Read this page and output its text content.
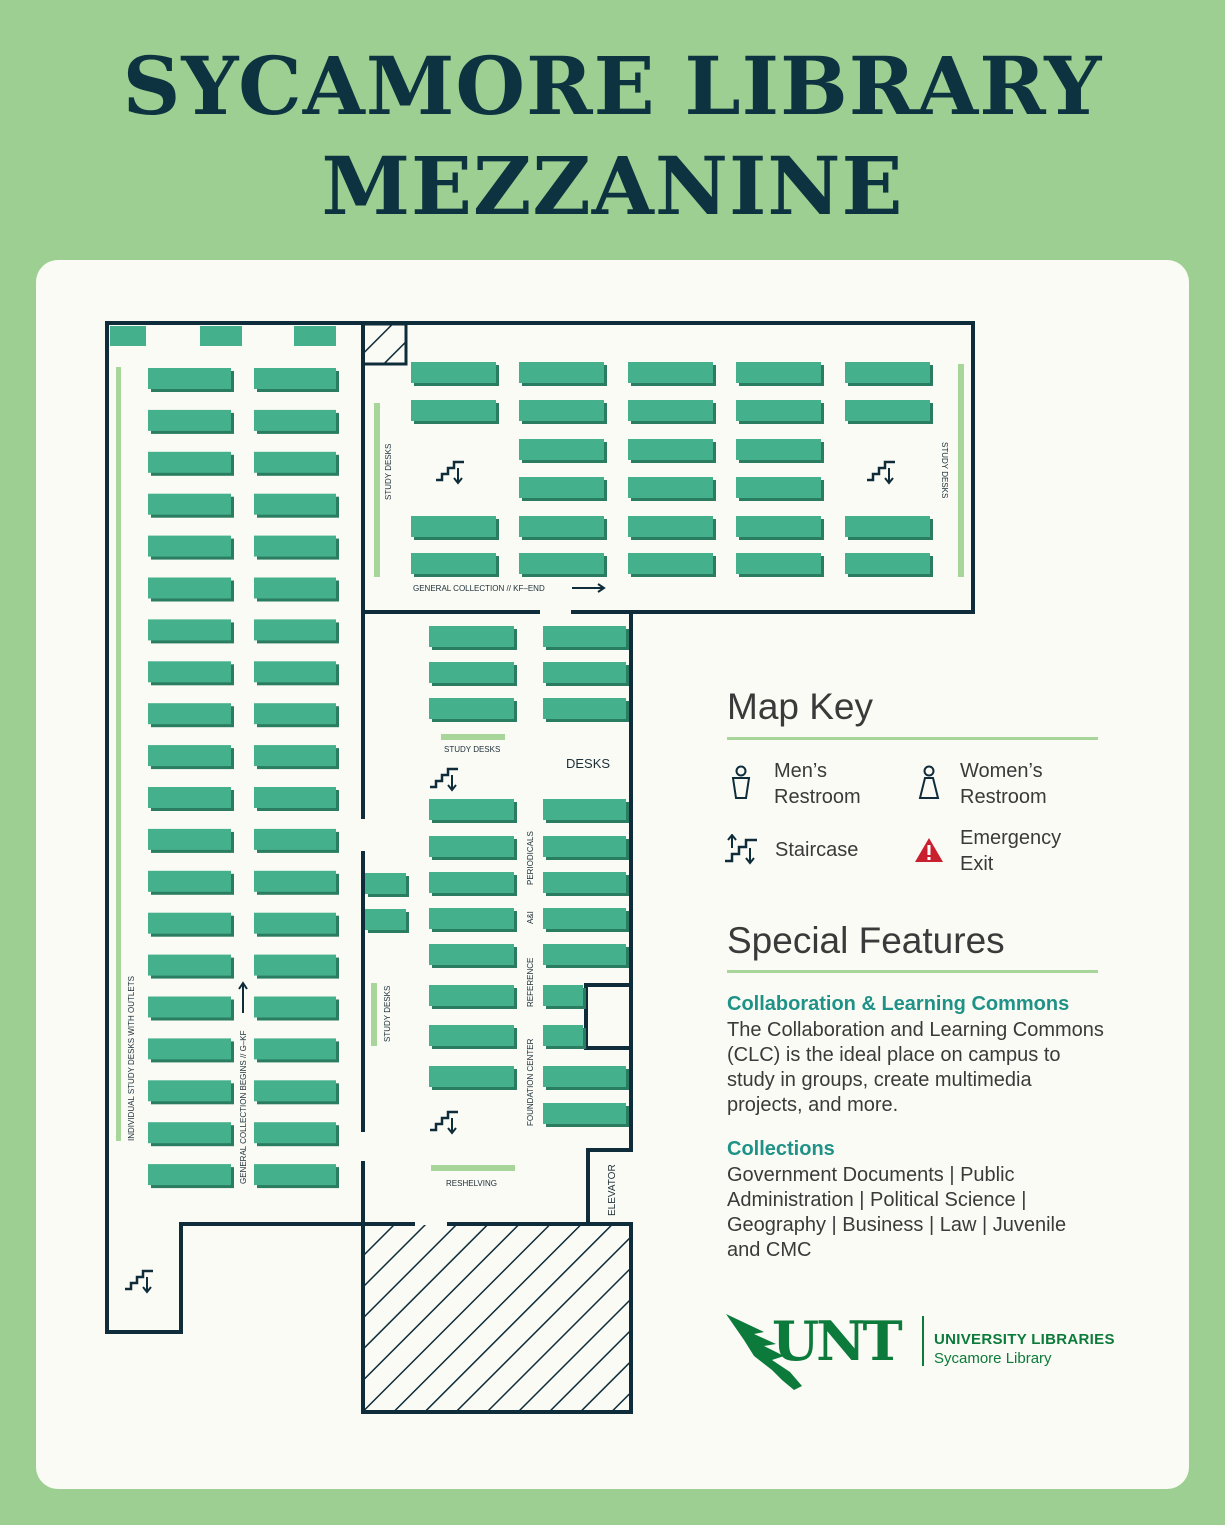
SYCAMORE LIBRARY
MEZZANINE
STUDY DESKS	STUDY DESKS
GENERAL COLLECTION // KF–END
STUDY DESKS
DESKS
PERIODICALS
A&I
REFERENCE
FOUNDATION CENTER
STUDY DESKS
RESHELVING	ELEVATOR
INDIVIDUAL STUDY DESKS WITH OUTLETS	GENERAL COLLECTION BEGINS // G–KF
Map Key
Men’s
Restroom
Women’s
Restroom
Staircase
Emergency
Exit
Special Features
Collaboration & Learning Commons
The Collaboration and Learning Commons (CLC) is the ideal place on campus to study in groups, create multimedia projects, and more.
Collections
Government Documents | Public Administration | Political Science | Geography | Business | Law | Juvenile and CMC
UNT UNIVERSITY LIBRARIES
Sycamore Library
